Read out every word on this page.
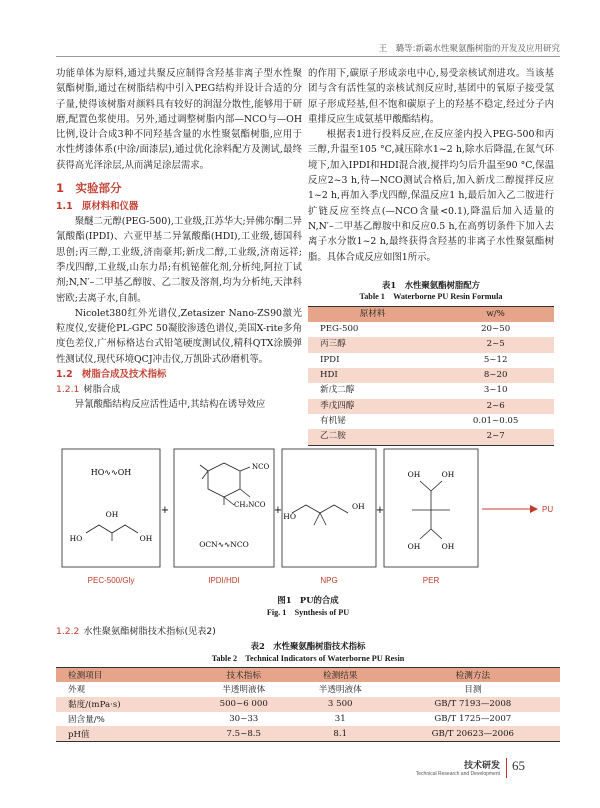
王　璐等:新霸水性聚氨酯树脂的开发及应用研究

功能单体为原料,通过共聚反应制得含羟基非离子型水性聚氨酯树脂,通过在树脂结构中引入PEG结构并设计合适的分子量,使得该树脂对颜料具有较好的润湿分散性,能够用于研磨,配置色浆使用。另外,通过调整树脂内部—NCO与—OH比例,设计合成3种不同羟基含量的水性聚氨酯树脂,应用于水性烤漆体系(中涂/面漆层),通过优化涂料配方及测试,最终获得高光泽涂层,从而满足涂层需求。

1　实验部分
1.1　原材料和仪器

聚醚二元醇(PEG-500),工业级,江苏华大;异佛尔酮二异氰酸酯(IPDI)、六亚甲基二异氰酸酯(HDI),工业级,德国科思创;丙三醇,工业级,济南豪邦;新戊二醇,工业级,济南远祥;季戊四醇,工业级,山东力昂;有机铋催化剂,分析纯,阿拉丁试剂;N,N′–二甲基乙醇胺、乙二胺及溶剂,均为分析纯,天津科密欧;去离子水,自制。

Nicolet380红外光谱仪,Zetasizer Nano-ZS90激光粒度仪,安捷伦PL-GPC 50凝胶渗透色谱仪,美国X-rite多角度色差仪,广州标格达台式铅笔硬度测试仪,精科QTX涂膜弹性测试仪,现代环境QCJ冲击仪,万凯卧式砂磨机等。

1.2　树脂合成及技术指标
1.2.1 树脂合成

异氰酸酯结构反应活性适中,其结构在诱导效应

的作用下,碳原子形成亲电中心,易受亲核试剂进攻。当该基团与含有活性氢的亲核试剂反应时,基团中的氧原子接受氢原子形成羟基,但不饱和碳原子上的羟基不稳定,经过分子内重排反应生成氨基甲酸酯结构。

根据表1进行投料反应,在反应釜内投入PEG-500和丙三醇,升温至105 °C,减压除水1~2 h,除水后降温,在氮气环境下,加入IPDI和HDI混合液,搅拌均匀后升温至90 °C,保温反应2~3 h,待—NCO测试合格后,加入新戊二醇搅拌反应1~2 h,再加入季戊四醇,保温反应1 h,最后加入乙二胺进行扩链反应至终点(—NCO含量<0.1),降温后加入适量的N,N′–二甲基乙醇胺中和反应0.5 h,在高剪切条件下加入去离子水分散1~2 h,最终获得含羟基的非离子水性聚氨酯树脂。具体合成反应如图1所示。

表1　水性聚氨酯树脂配方
Table 1　Waterborne PU Resin Formula
原材料	w/%
PEG-500	20~50
丙三醇	2~5
IPDI	5~12
HDI	8~20
新戊二醇	3~10
季戊四醇	2~6
有机铋	0.01~0.05
乙二胺	2~7
+	+	+
HO∿∿OH
OH
HO	OH
NCO
CH₂NCO
OCN∿∿NCO
HO
OH
OH	OH
OH	OH
PEC-500/Gly	IPDI/HDI	NPG	PER
PU
图1　PU的合成
Fig. 1　Synthesis of PU
1.2.2 水性聚氨酯树脂技术指标(见表2)
表2　水性聚氨酯树脂技术指标
Table 2　Technical Indicators of Waterborne PU Resin
检测项目	技术指标	检测结果	检测方法
外观	半透明液体	半透明液体	目测
黏度/(mPa·s)	500~6 000	3 500	GB/T 7193—2008
固含量/%	30~33	31	GB/T 1725—2007
pH值	7.5~8.5	8.1	GB/T 20623—2006
技术研发
Technical Research and Development
65
